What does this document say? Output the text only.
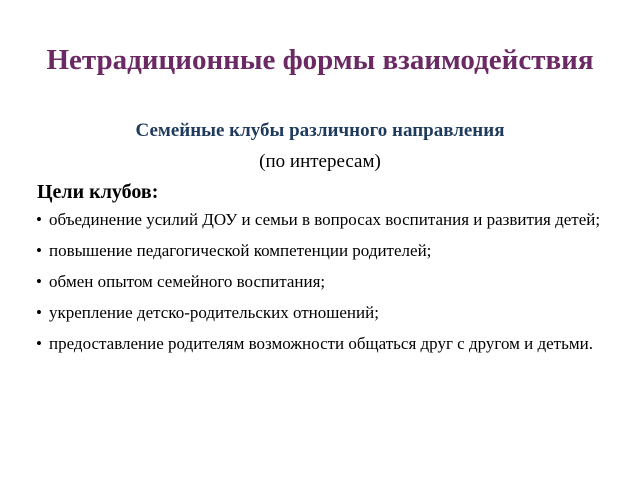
Нетрадиционные формы взаимодействия
Семейные клубы различного направления
(по интересам)
Цели клубов:
• объединение усилий ДОУ и семьи в вопросах воспитания и развития детей;
• повышение педагогической компетенции родителей;
• обмен опытом семейного воспитания;
• укрепление детско-родительских отношений;
• предоставление родителям возможности общаться друг с другом и детьми.
